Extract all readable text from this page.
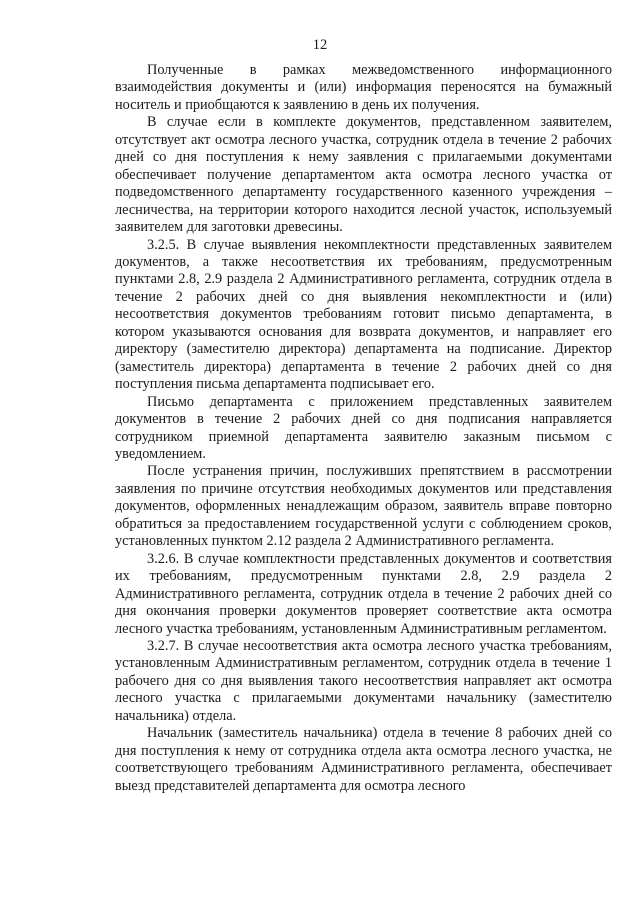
12

Полученные в рамках межведомственного информационного взаимодействия документы и (или) информация переносятся на бумажный носитель и приобщаются к заявлению в день их получения.

В случае если в комплекте документов, представленном заявителем, отсутствует акт осмотра лесного участка, сотрудник отдела в течение 2 рабочих дней со дня поступления к нему заявления с прилагаемыми документами обеспечивает получение департаментом акта осмотра лесного участка от подведомственного департаменту государственного казенного учреждения – лесничества, на территории которого находится лесной участок, используемый заявителем для заготовки древесины.

3.2.5. В случае выявления некомплектности представленных заявителем документов, а также несоответствия их требованиям, предусмотренным пунктами 2.8, 2.9 раздела 2 Административного регламента, сотрудник отдела в течение 2 рабочих дней со дня выявления некомплектности и (или) несоответствия документов требованиям готовит письмо департамента, в котором указываются основания для возврата документов, и направляет его директору (заместителю директора) департамента на подписание. Директор (заместитель директора) департамента в течение 2 рабочих дней со дня поступления письма департамента подписывает его.

Письмо департамента с приложением представленных заявителем документов в течение 2 рабочих дней со дня подписания направляется сотрудником приемной департамента заявителю заказным письмом с уведомлением.

После устранения причин, послуживших препятствием в рассмотрении заявления по причине отсутствия необходимых документов или представления документов, оформленных ненадлежащим образом, заявитель вправе повторно обратиться за предоставлением государственной услуги с соблюдением сроков, установленных пунктом 2.12 раздела 2 Административного регламента.

3.2.6. В случае комплектности представленных документов и соответствия их требованиям, предусмотренным пунктами 2.8, 2.9 раздела 2 Административного регламента, сотрудник отдела в течение 2 рабочих дней со дня окончания проверки документов проверяет соответствие акта осмотра лесного участка требованиям, установленным Административным регламентом.

3.2.7. В случае несоответствия акта осмотра лесного участка требованиям, установленным Административным регламентом, сотрудник отдела в течение 1 рабочего дня со дня выявления такого несоответствия направляет акт осмотра лесного участка с прилагаемыми документами начальнику (заместителю начальника) отдела.

Начальник (заместитель начальника) отдела в течение 8 рабочих дней со дня поступления к нему от сотрудника отдела акта осмотра лесного участка, не соответствующего требованиям Административного регламента, обеспечивает выезд представителей департамента для осмотра лесного
